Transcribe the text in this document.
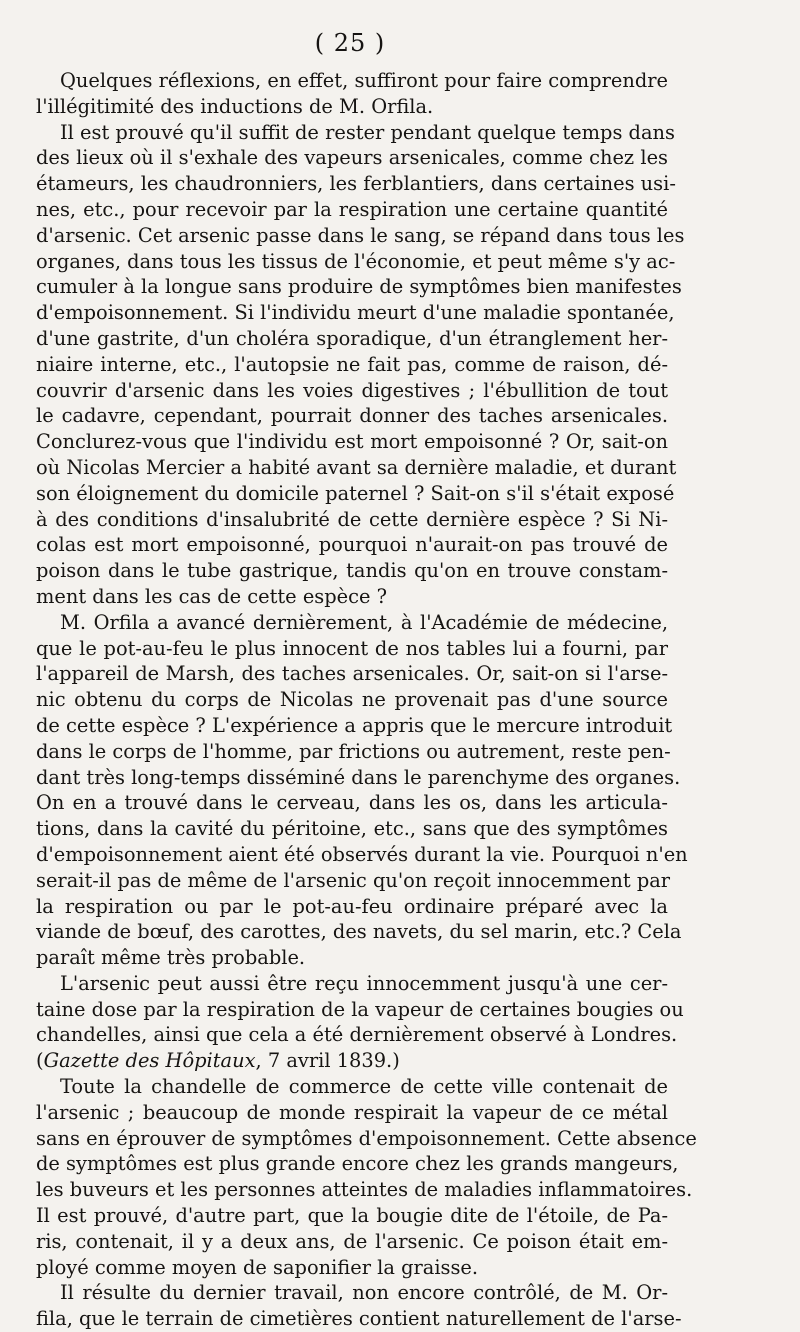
( 25 )

Quelques réflexions, en effet, suffiront pour faire comprendre
l'illégitimité des inductions de M. Orfila.

Il est prouvé qu'il suffit de rester pendant quelque temps dans
des lieux où il s'exhale des vapeurs arsenicales, comme chez les
étameurs, les chaudronniers, les ferblantiers, dans certaines usi-
nes, etc., pour recevoir par la respiration une certaine quantité
d'arsenic. Cet arsenic passe dans le sang, se répand dans tous les
organes, dans tous les tissus de l'économie, et peut même s'y ac-
cumuler à la longue sans produire de symptômes bien manifestes
d'empoisonnement. Si l'individu meurt d'une maladie spontanée,
d'une gastrite, d'un choléra sporadique, d'un étranglement her-
niaire interne, etc., l'autopsie ne fait pas, comme de raison, dé-
couvrir d'arsenic dans les voies digestives ; l'ébullition de tout
le cadavre, cependant, pourrait donner des taches arsenicales.
Conclurez-vous que l'individu est mort empoisonné ? Or, sait-on
où Nicolas Mercier a habité avant sa dernière maladie, et durant
son éloignement du domicile paternel ? Sait-on s'il s'était exposé
à des conditions d'insalubrité de cette dernière espèce ? Si Ni-
colas est mort empoisonné, pourquoi n'aurait-on pas trouvé de
poison dans le tube gastrique, tandis qu'on en trouve constam-
ment dans les cas de cette espèce ?

M. Orfila a avancé dernièrement, à l'Académie de médecine,
que le pot-au-feu le plus innocent de nos tables lui a fourni, par
l'appareil de Marsh, des taches arsenicales. Or, sait-on si l'arse-
nic obtenu du corps de Nicolas ne provenait pas d'une source
de cette espèce ? L'expérience a appris que le mercure introduit
dans le corps de l'homme, par frictions ou autrement, reste pen-
dant très long-temps disséminé dans le parenchyme des organes.
On en a trouvé dans le cerveau, dans les os, dans les articula-
tions, dans la cavité du péritoine, etc., sans que des symptômes
d'empoisonnement aient été observés durant la vie. Pourquoi n'en
serait-il pas de même de l'arsenic qu'on reçoit innocemment par
la respiration ou par le pot-au-feu ordinaire préparé avec la
viande de bœuf, des carottes, des navets, du sel marin, etc.? Cela
paraît même très probable.

L'arsenic peut aussi être reçu innocemment jusqu'à une cer-
taine dose par la respiration de la vapeur de certaines bougies ou
chandelles, ainsi que cela a été dernièrement observé à Londres.
(Gazette des Hôpitaux, 7 avril 1839.)

Toute la chandelle de commerce de cette ville contenait de
l'arsenic ; beaucoup de monde respirait la vapeur de ce métal
sans en éprouver de symptômes d'empoisonnement. Cette absence
de symptômes est plus grande encore chez les grands mangeurs,
les buveurs et les personnes atteintes de maladies inflammatoires.
Il est prouvé, d'autre part, que la bougie dite de l'étoile, de Pa-
ris, contenait, il y a deux ans, de l'arsenic. Ce poison était em-
ployé comme moyen de saponifier la graisse.

Il résulte du dernier travail, non encore contrôlé, de M. Or-
fila, que le terrain de cimetières contient naturellement de l'arse-
